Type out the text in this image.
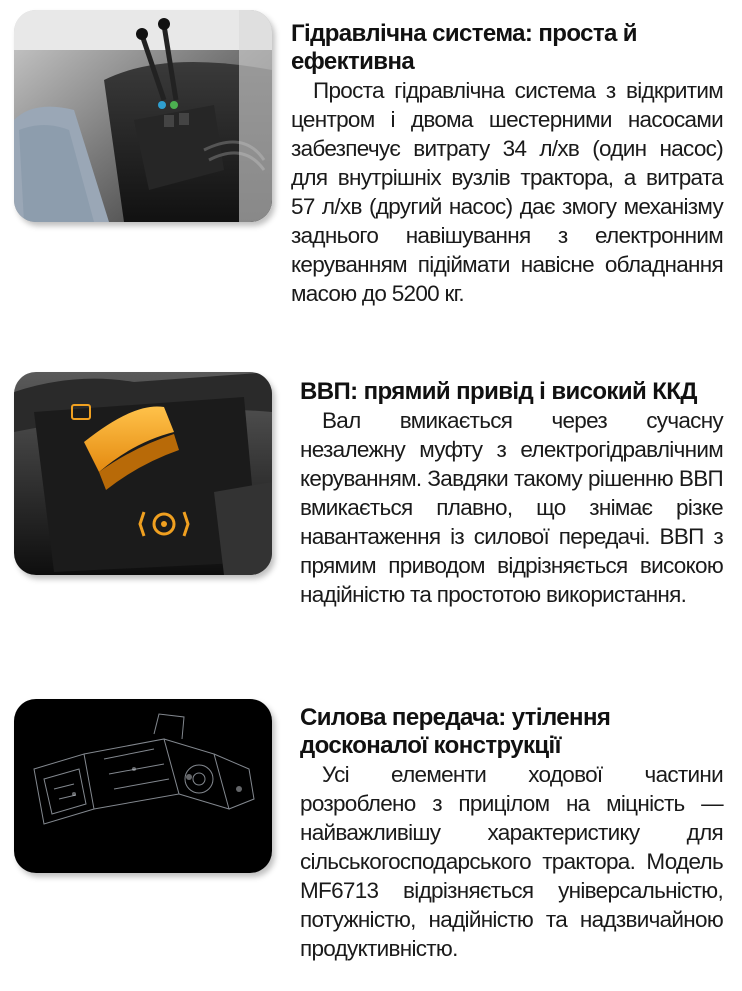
Гідравлічна система: проста й ефективна

Проста гідравлічна система з відкритим центром і двома шестерними насосами забезпечує витрату 34 л/хв (один насос) для внутрішніх вузлів трактора, а витрата 57 л/хв (другий насос) дає змогу механізму заднього навішування з електронним керуванням підіймати навісне обладнання масою до 5200 кг.

ВВП: прямий привід і високий ККД

Вал вмикається через сучасну незалежну муфту з електрогідравлічним керуванням. Завдяки такому рішенню ВВП вмикається плавно, що знімає різке навантаження із силової передачі. ВВП з прямим приводом відрізняється високою надійністю та простотою використання.

Силова передача: утілення досконалої конструкції

Усі елементи ходової частини розроблено з прицілом на міцність — найважливішу характеристику для сільськогосподарського трактора. Модель MF6713 відрізняється універсальністю, потужністю, надійністю та надзвичайною продуктивністю.
